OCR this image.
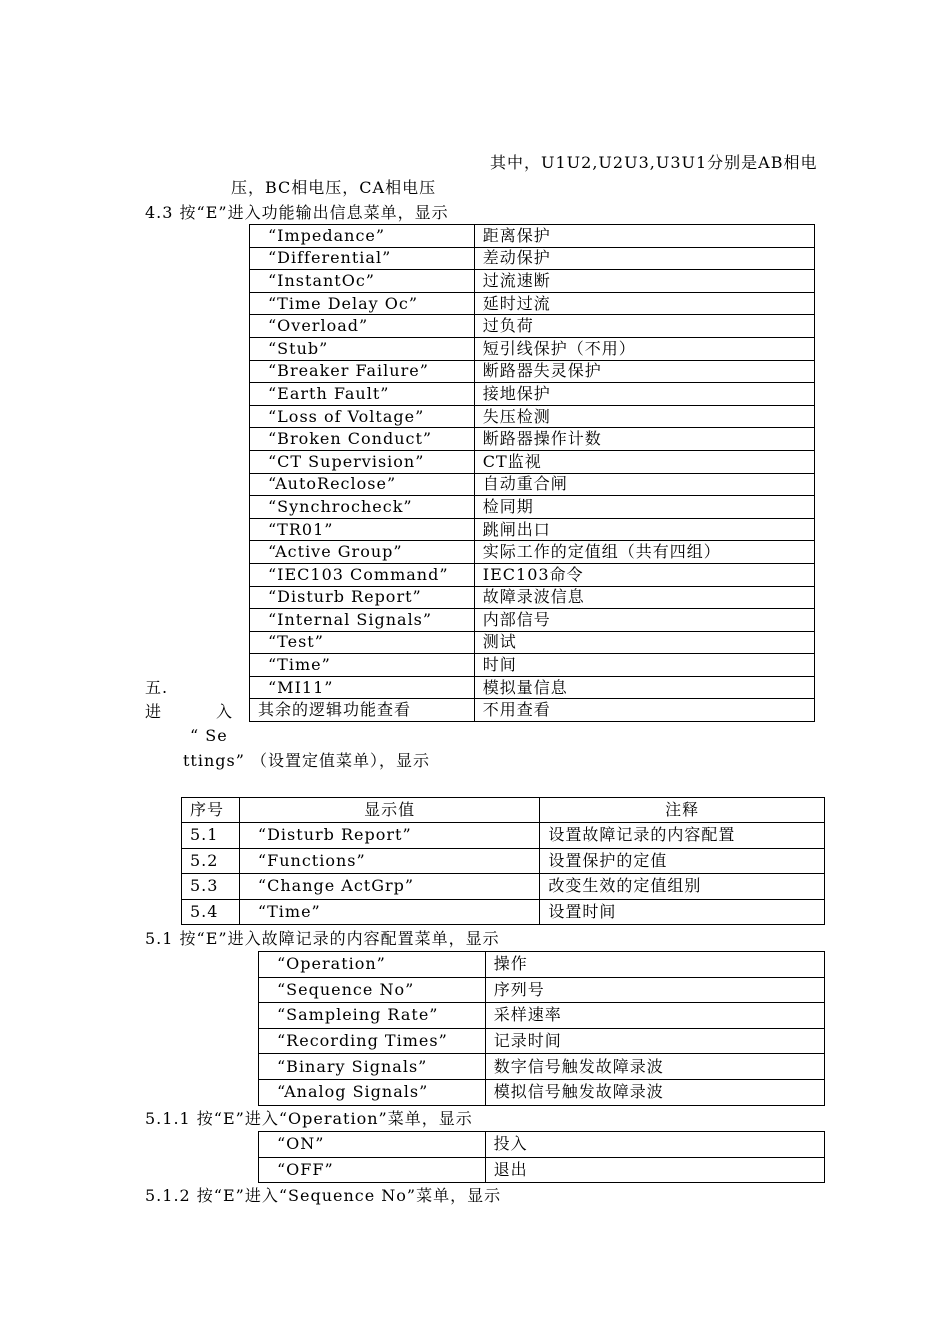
其中，U1U2,U2U3,U3U1分别是AB相电
压，BC相电压，CA相电压
4.3 按“E”进入功能输出信息菜单，显示
“Impedance”	距离保护
“Differential”	差动保护
“InstantOc”	过流速断
“Time Delay Oc”	延时过流
“Overload”	过负荷
“Stub”	短引线保护（不用）
“Breaker Failure”	断路器失灵保护
“Earth Fault”	接地保护
“Loss of Voltage”	失压检测
“Broken Conduct”	断路器操作计数
“CT Supervision”	CT监视
“AutoReclose”	自动重合闸
“Synchrocheck”	检同期
“TR01”	跳闸出口
“Active Group”	实际工作的定值组（共有四组）
“IEC103 Command”	IEC103命令
“Disturb Report”	故障录波信息
“Internal Signals”	内部信号
“Test”	测试
“Time”	时间
“MI11”	模拟量信息
其余的逻辑功能查看	不用查看
五.
进	入
“ Se
ttings” （设置定值菜单），显示
序号	显示值	注释
5.1	“Disturb Report”	设置故障记录的内容配置
5.2	“Functions”	设置保护的定值
5.3	“Change ActGrp”	改变生效的定值组别
5.4	“Time”	设置时间
5.1 按“E”进入故障记录的内容配置菜单，显示
“Operation”	操作
“Sequence No”	序列号
“Sampleing Rate”	采样速率
“Recording Times”	记录时间
“Binary Signals”	数字信号触发故障录波
“Analog Signals”	模拟信号触发故障录波
5.1.1 按“E”进入“Operation”菜单，显示
“ON”	投入
“OFF”	退出
5.1.2 按“E”进入“Sequence No”菜单，显示
